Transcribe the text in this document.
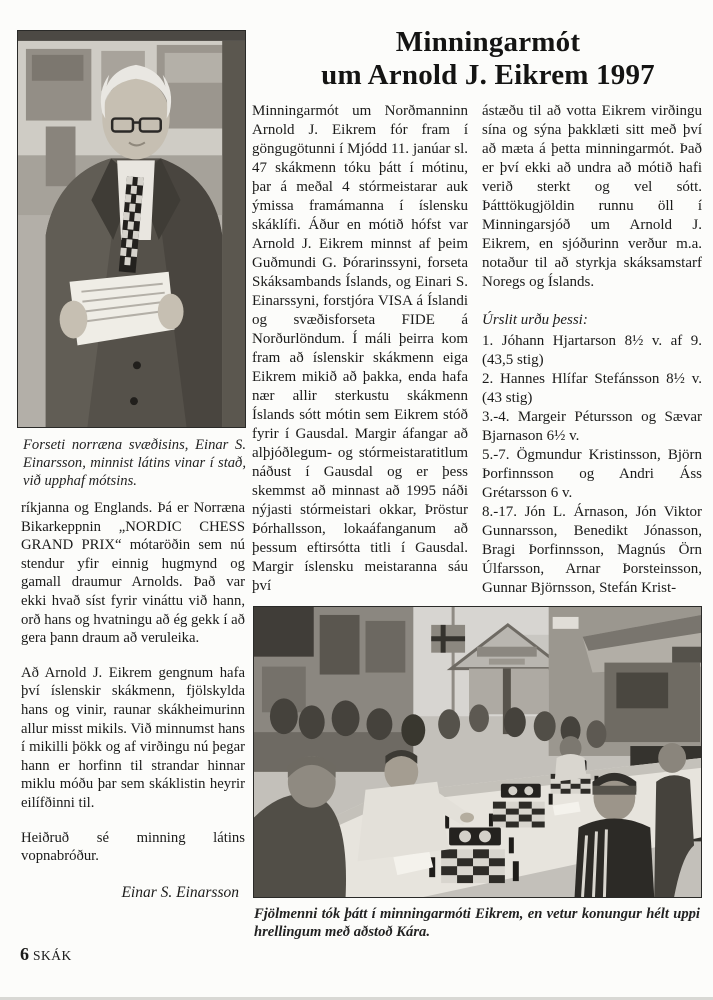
Minningarmót
um Arnold J. Eikrem 1997
Forseti norræna svæðisins, Einar S. Einarsson, minnist látins vinar í stað, við upphaf mótsins.

ríkjanna og Englands. Þá er Norræna Bikarkeppnin „NORDIC CHESS GRAND PRIX“ mótaröðin sem nú stendur yfir einnig hugmynd og gamall draumur Arnolds. Það var ekki hvað síst fyrir vináttu við hann, orð hans og hvatningu að ég gekk í að gera þann draum að veruleika.

Að Arnold J. Eikrem gengnum hafa því íslenskir skákmenn, fjölskylda hans og vinir, raunar skákheimurinn allur misst mikils. Við minnumst hans í mikilli þökk og af virðingu nú þegar hann er horfinn til strandar hinnar miklu móðu þar sem skáklistin heyrir eilífðinni til.

Heiðruð sé minning látins vopnabróður.

Einar S. Einarsson

Minningarmót um Norðmanninn Arnold J. Eikrem fór fram í göngugötunni í Mjódd 11. janúar sl. 47 skákmenn tóku þátt í mótinu, þar á meðal 4 stórmeistarar auk ýmissa framámanna í íslensku skáklífi. Áður en mótið hófst var Arnold J. Eikrem minnst af þeim Guðmundi G. Þórarinssyni, forseta Skáksambands Íslands, og Einari S. Einarssyni, forstjóra VISA á Íslandi og svæðisforseta FIDE á Norðurlöndum. Í máli þeirra kom fram að íslenskir skákmenn eiga Eikrem mikið að þakka, enda hafa nær allir sterkustu skákmenn Íslands sótt mótin sem Eikrem stóð fyrir í Gausdal. Margir áfangar að alþjóðlegum- og stórmeistaratitlum náðust í Gausdal og er þess skemmst að minnast að 1995 náði nýjasti stórmeistari okkar, Þröstur Þórhallsson, lokaáfanganum að þessum eftirsótta titli í Gausdal. Margir íslensku meistaranna sáu því

ástæðu til að votta Eikrem virðingu sína og sýna þakklæti sitt með því að mæta á þetta minningarmót. Það er því ekki að undra að mótið hafi verið sterkt og vel sótt. Þátttökugjöldin runnu öll í Minningarsjóð um Arnold J. Eikrem, en sjóðurinn verður m.a. notaður til að styrkja skáksamstarf Noregs og Íslands.

Úrslit urðu þessi:

1. Jóhann Hjartarson 8½ v. af 9. (43,5 stig)

2. Hannes Hlífar Stefánsson 8½ v. (43 stig)

3.-4. Margeir Pétursson og Sævar Bjarnason 6½ v.

5.-7. Ögmundur Kristinsson, Björn Þorfinnsson og Andri Áss Grétarsson 6 v.

8.-17. Jón L. Árnason, Jón Viktor Gunnarsson, Benedikt Jónasson, Bragi Þorfinnsson, Magnús Örn Úlfarsson, Arnar Þorsteinsson, Gunnar Björnsson, Stefán Krist-

Fjölmenni tók þátt í minningarmóti Eikrem, en vetur konungur hélt uppi hrellingum með aðstoð Kára.
6 SKÁK
